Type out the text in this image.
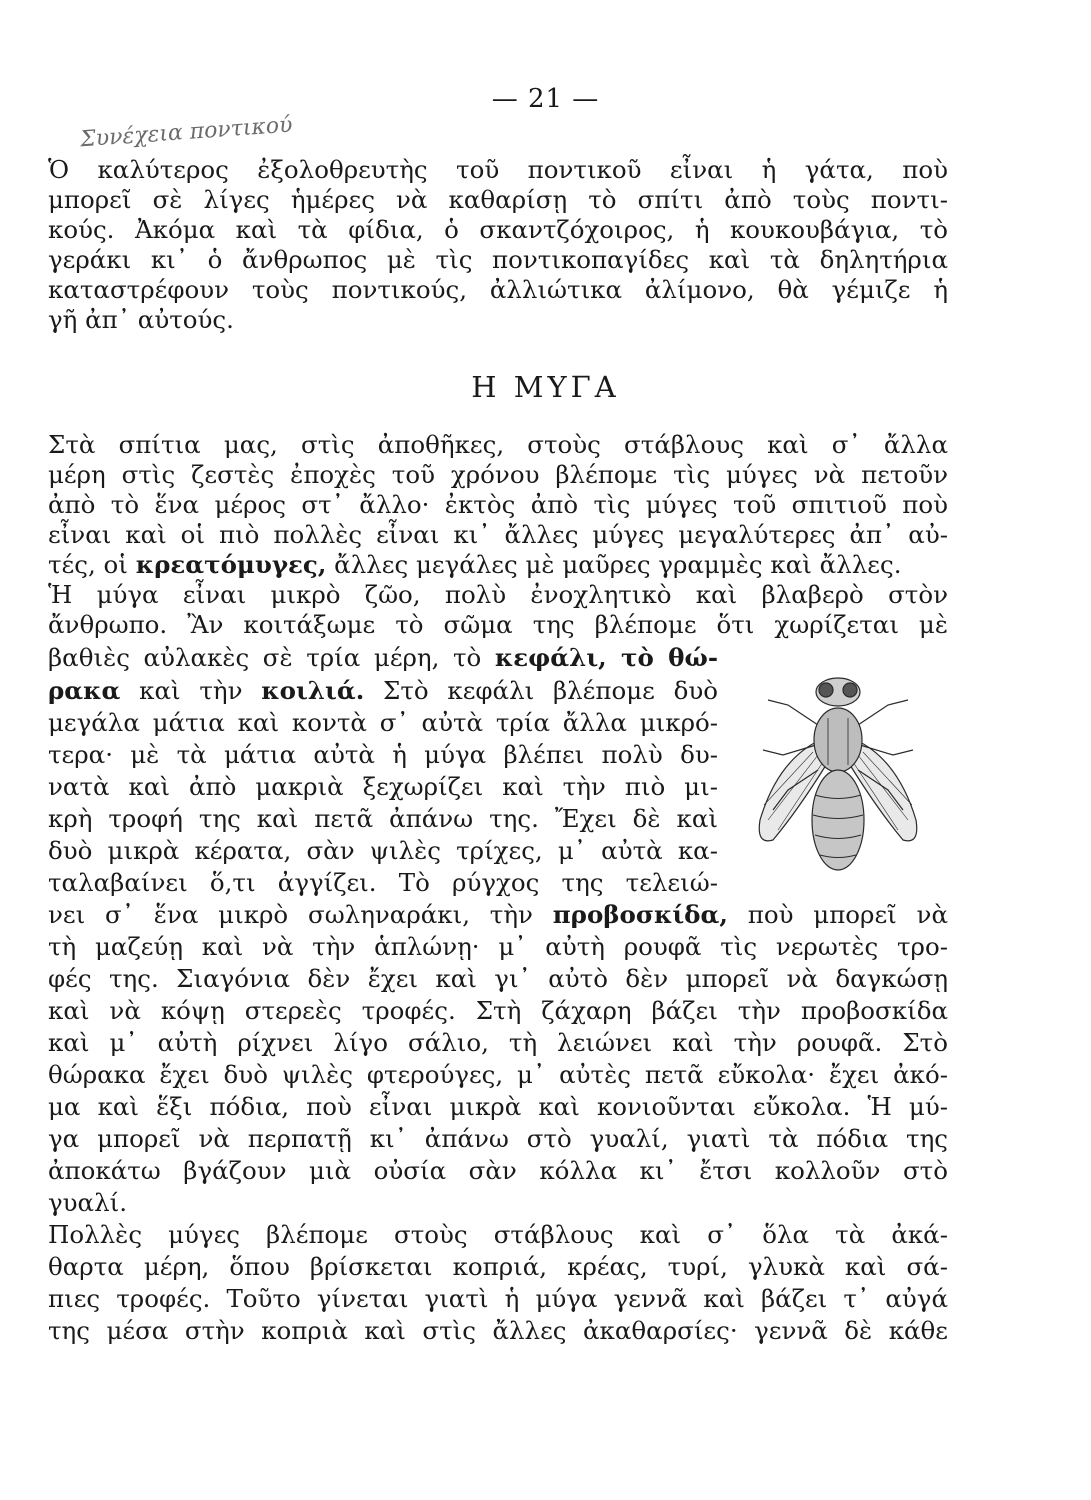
— 21 —
Συνέχεια ποντικού
Ὁ καλύτερος ἐξολοθρευτὴς τοῦ ποντικοῦ εἶναι ἡ γάτα, ποὺ
μπορεῖ σὲ λίγες ἡμέρες νὰ καθαρίσῃ τὸ σπίτι ἀπὸ τοὺς ποντι-
κούς. Ἀκόμα καὶ τὰ φίδια, ὁ σκαντζόχοιρος, ἡ κουκουβάγια, τὸ
γεράκι κι᾿ ὁ ἄνθρωπος μὲ τὶς ποντικοπαγίδες καὶ τὰ δηλητήρια
καταστρέφουν τοὺς ποντικούς, ἀλλιώτικα ἀλίμονο, θὰ γέμιζε ἡ
γῆ ἀπ᾿ αὐτούς.
Η ΜΥΓΑ
Στὰ σπίτια μας, στὶς ἀποθῆκες, στοὺς στάβλους καὶ σ᾿ ἄλλα
μέρη στὶς ζεστὲς ἐποχὲς τοῦ χρόνου βλέπομε τὶς μύγες νὰ πετοῦν
ἀπὸ τὸ ἕνα μέρος στ᾿ ἄλλο· ἐκτὸς ἀπὸ τὶς μύγες τοῦ σπιτιοῦ ποὺ
εἶναι καὶ οἱ πιὸ πολλὲς εἶναι κι᾿ ἄλλες μύγες μεγαλύτερες ἀπ᾿ αὐ-
τές, οἱ κρεατόμυγες, ἄλλες μεγάλες μὲ μαῦρες γραμμὲς καὶ ἄλλες.
Ἡ μύγα εἶναι μικρὸ ζῶο, πολὺ ἐνοχλητικὸ καὶ βλαβερὸ στὸν
ἄνθρωπο. Ἂν κοιτάξωμε τὸ σῶμα της βλέπομε ὅτι χωρίζεται μὲ
βαθιὲς αὐλακὲς σὲ τρία μέρη, τὸ κεφάλι, τὸ θώ-
ρακα καὶ τὴν κοιλιά. Στὸ κεφάλι βλέπομε δυὸ
μεγάλα μάτια καὶ κοντὰ σ᾿ αὐτὰ τρία ἄλλα μικρό-
τερα· μὲ τὰ μάτια αὐτὰ ἡ μύγα βλέπει πολὺ δυ-
νατὰ καὶ ἀπὸ μακριὰ ξεχωρίζει καὶ τὴν πιὸ μι-
κρὴ τροφή της καὶ πετᾶ ἀπάνω της. Ἔχει δὲ καὶ
δυὸ μικρὰ κέρατα, σὰν ψιλὲς τρίχες, μ᾿ αὐτὰ κα-
ταλαβαίνει ὅ,τι ἀγγίζει. Τὸ ρύγχος της τελειώ-
νει σ᾿ ἕνα μικρὸ σωληναράκι, τὴν προβοσκίδα, ποὺ μπορεῖ νὰ
τὴ μαζεύῃ καὶ νὰ τὴν ἁπλώνῃ· μ᾿ αὐτὴ ρουφᾶ τὶς νερωτὲς τρο-
φές της. Σιαγόνια δὲν ἔχει καὶ γι᾿ αὐτὸ δὲν μπορεῖ νὰ δαγκώσῃ
καὶ νὰ κόψῃ στερεὲς τροφές. Στὴ ζάχαρη βάζει τὴν προβοσκίδα
καὶ μ᾿ αὐτὴ ρίχνει λίγο σάλιο, τὴ λειώνει καὶ τὴν ρουφᾶ. Στὸ
θώρακα ἔχει δυὸ ψιλὲς φτερούγες, μ᾿ αὐτὲς πετᾶ εὔκολα· ἔχει ἀκό-
μα καὶ ἕξι πόδια, ποὺ εἶναι μικρὰ καὶ κονιοῦνται εὔκολα. Ἡ μύ-
γα μπορεῖ νὰ περπατῇ κι᾿ ἀπάνω στὸ γυαλί, γιατὶ τὰ πόδια της
ἀποκάτω βγάζουν μιὰ οὐσία σὰν κόλλα κι᾿ ἔτσι κολλοῦν στὸ
γυαλί.
Πολλὲς μύγες βλέπομε στοὺς στάβλους καὶ σ᾿ ὅλα τὰ ἀκά-
θαρτα μέρη, ὅπου βρίσκεται κοπριά, κρέας, τυρί, γλυκὰ καὶ σά-
πιες τροφές. Τοῦτο γίνεται γιατὶ ἡ μύγα γεννᾶ καὶ βάζει τ᾿ αὐγά
της μέσα στὴν κοπριὰ καὶ στὶς ἄλλες ἀκαθαρσίες· γεννᾶ δὲ κάθε
